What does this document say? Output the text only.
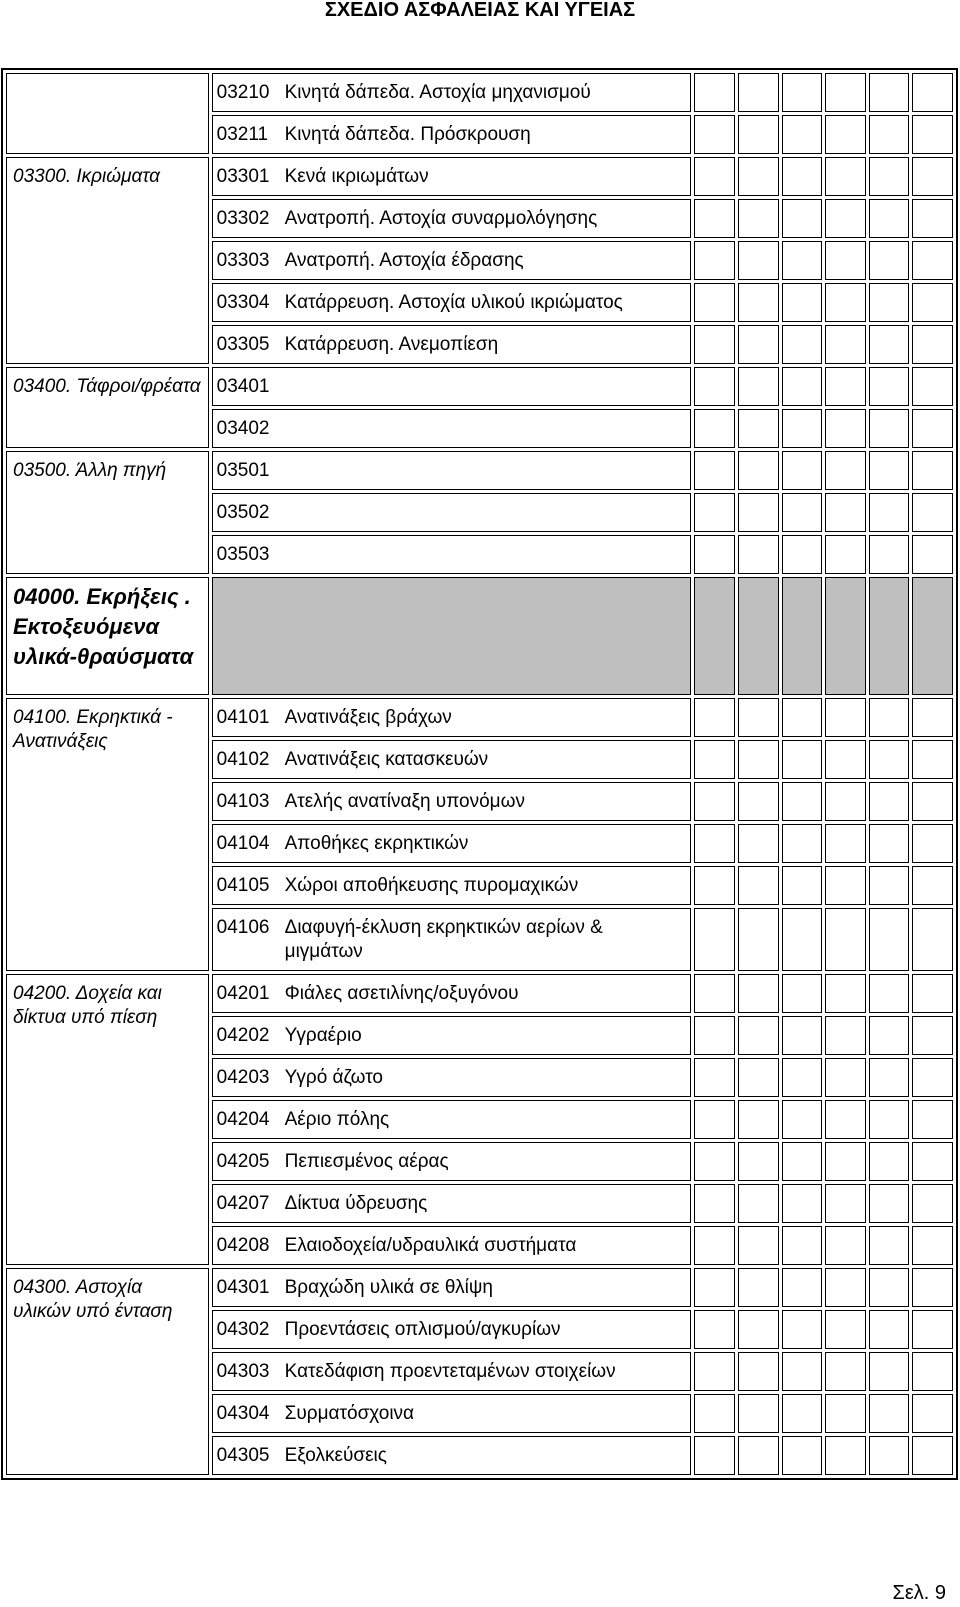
ΣΧΕΔΙΟ ΑΣΦΑΛΕΙΑΣ ΚΑΙ ΥΓΕΙΑΣ

	03210 Κινητά δάπεδα. Αστοχία μηχανισμού						

	03211 Κινητά δάπεδα. Πρόσκρουση						

03300. Ικριώματα	03301 Κενά ικριωμάτων						

	03302 Ανατροπή. Αστοχία συναρμολόγησης						

	03303 Ανατροπή. Αστοχία έδρασης						

	03304 Κατάρρευση. Αστοχία υλικού ικριώματος						

	03305 Κατάρρευση. Ανεμοπίεση						

03400. Τάφροι/φρέατα	03401						

	03402						

03500. Άλλη πηγή	03501						

	03502						

	03503						

04000. Εκρήξεις . Εκτοξευόμενα υλικά-θραύσματα							

04100. Εκρηκτικά - Ανατινάξεις	04101 Ανατινάξεις βράχων						

	04102 Ανατινάξεις κατασκευών						

	04103 Ατελής ανατίναξη υπονόμων						

	04104 Αποθήκες εκρηκτικών						

	04105 Χώροι αποθήκευσης πυρομαχικών						

	04106 Διαφυγή-έκλυση εκρηκτικών αερίων & μιγμάτων						

04200. Δοχεία και δίκτυα υπό πίεση	04201 Φιάλες ασετιλίνης/οξυγόνου						

	04202 Υγραέριο						

	04203 Υγρό άζωτο						

	04204 Αέριο πόλης						

	04205 Πεπιεσμένος αέρας						

	04207 Δίκτυα ύδρευσης						

	04208 Ελαιοδοχεία/υδραυλικά συστήματα						

04300. Αστοχία υλικών υπό ένταση	04301 Βραχώδη υλικά σε θλίψη						

	04302 Προεντάσεις οπλισμού/αγκυρίων						

	04303 Κατεδάφιση προεντεταμένων στοιχείων						

	04304 Συρματόσχοινα						

	04305 Εξολκεύσεις						

Σελ. 9
